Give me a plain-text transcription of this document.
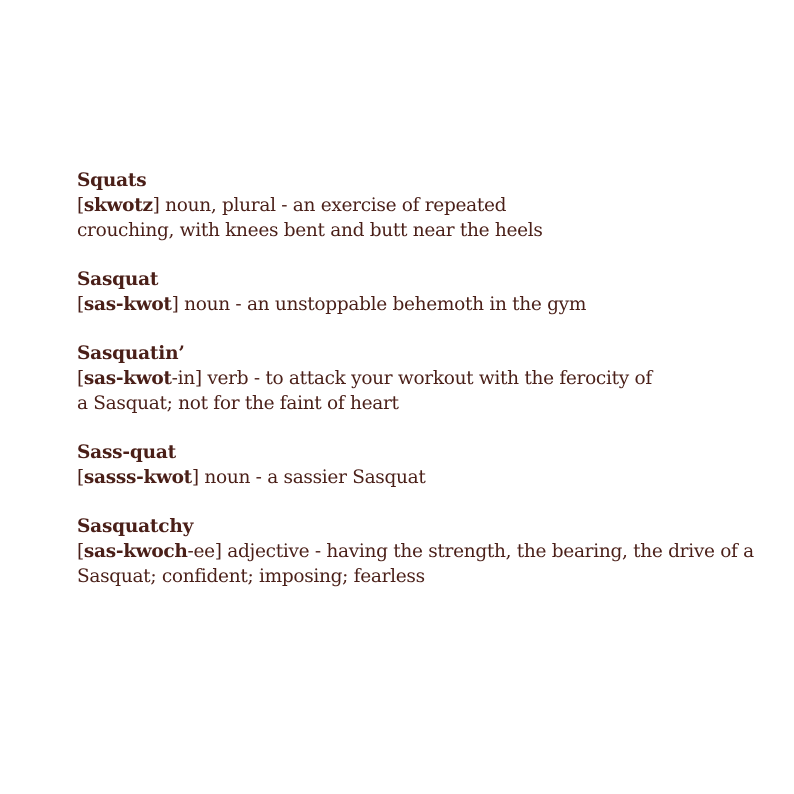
Squats

[skwotz] noun, plural - an exercise of repeated crouching, with knees bent and butt near the heels

Sasquat

[sas-kwot] noun - an unstoppable behemoth in the gym

Sasquatin’

[sas-kwot-in] verb - to attack your workout with the ferocity of a Sasquat; not for the faint of heart

Sass-quat

[sasss-kwot] noun - a sassier Sasquat

Sasquatchy

[sas-kwoch-ee] adjective - having the strength, the bearing, the drive of a Sasquat; confident; imposing; fearless
